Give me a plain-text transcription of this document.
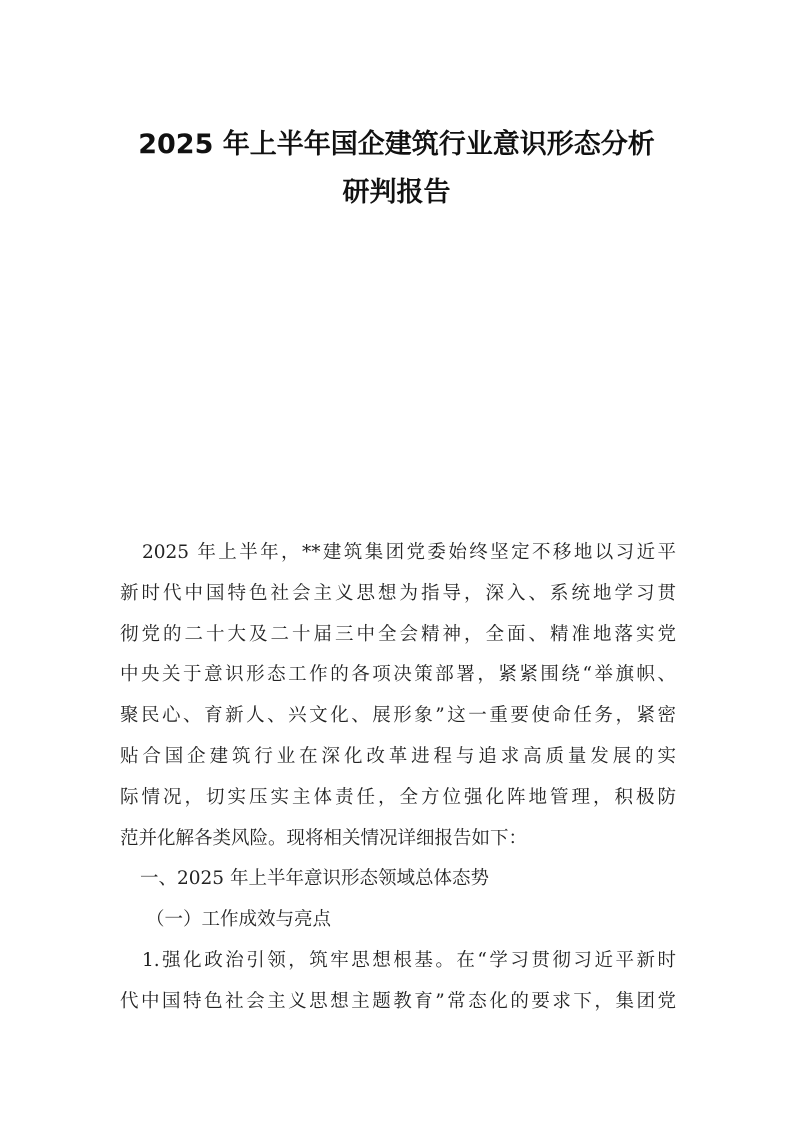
2025 年上半年国企建筑行业意识形态分析
研判报告
2025 年上半年，**建筑集团党委始终坚定不移地以习近平
新时代中国特色社会主义思想为指导，深入、系统地学习贯
彻党的二十大及二十届三中全会精神，全面、精准地落实党
中央关于意识形态工作的各项决策部署，紧紧围绕“举旗帜、
聚民心、育新人、兴文化、展形象”这一重要使命任务，紧密
贴合国企建筑行业在深化改革进程与追求高质量发展的实
际情况，切实压实主体责任，全方位强化阵地管理，积极防
范并化解各类风险。现将相关情况详细报告如下：
一、2025 年上半年意识形态领域总体态势
（一）工作成效与亮点
1.强化政治引领，筑牢思想根基。在“学习贯彻习近平新时
代中国特色社会主义思想主题教育”常态化的要求下，集团党
